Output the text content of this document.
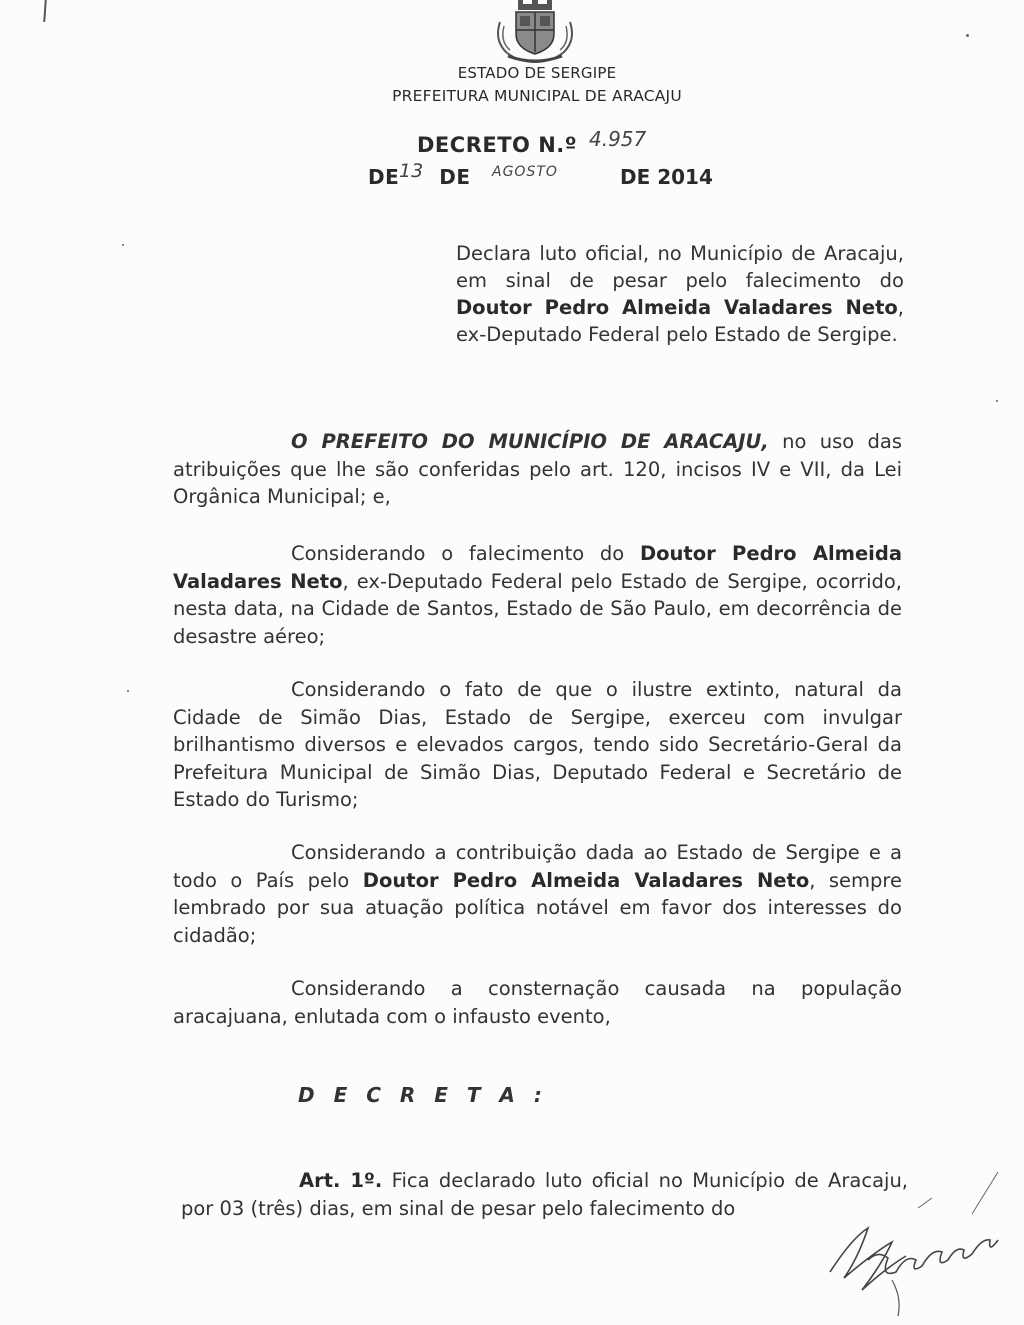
ESTADO DE SERGIPE
PREFEITURA MUNICIPAL DE ARACAJU
DECRETO N.º 4.957
DE DE
13	AGOSTO	DE 2014
Declara luto oficial, no Município de Aracaju, em sinal de pesar pelo falecimento do Doutor Pedro Almeida Valadares Neto, ex-Deputado Federal pelo Estado de Sergipe.
O PREFEITO DO MUNICÍPIO DE ARACAJU, no uso das atribuições que lhe são conferidas pelo art. 120, incisos IV e VII, da Lei Orgânica Municipal; e,
Considerando o falecimento do Doutor Pedro Almeida Valadares Neto, ex-Deputado Federal pelo Estado de Sergipe, ocorrido, nesta data, na Cidade de Santos, Estado de São Paulo, em decorrência de desastre aéreo;
Considerando o fato de que o ilustre extinto, natural da Cidade de Simão Dias, Estado de Sergipe, exerceu com invulgar brilhantismo diversos e elevados cargos, tendo sido Secretário-Geral da Prefeitura Municipal de Simão Dias, Deputado Federal e Secretário de Estado do Turismo;
Considerando a contribuição dada ao Estado de Sergipe e a todo o País pelo Doutor Pedro Almeida Valadares Neto, sempre lembrado por sua atuação política notável em favor dos interesses do cidadão;
Considerando a consternação causada na população aracajuana, enlutada com o infausto evento,
D E C R E T A :
Art. 1º. Fica declarado luto oficial no Município de Aracaju, por 03 (três) dias, em sinal de pesar pelo falecimento do
